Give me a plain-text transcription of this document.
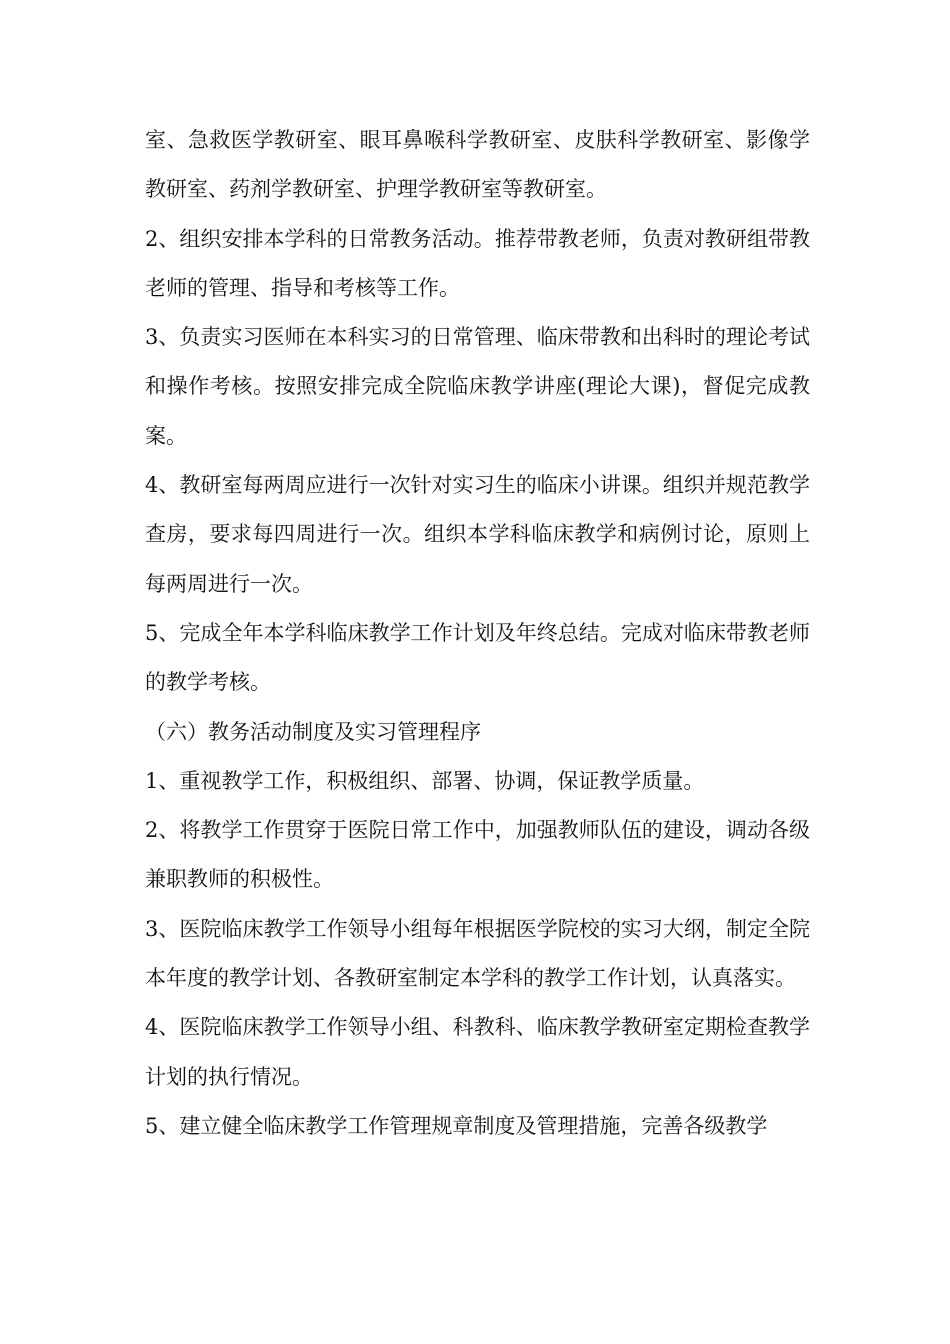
室、急救医学教研室、眼耳鼻喉科学教研室、皮肤科学教研室、影像学教研室、药剂学教研室、护理学教研室等教研室。

2、组织安排本学科的日常教务活动。推荐带教老师，负责对教研组带教老师的管理、指导和考核等工作。

3、负责实习医师在本科实习的日常管理、临床带教和出科时的理论考试和操作考核。按照安排完成全院临床教学讲座(理论大课)，督促完成教案。

4、教研室每两周应进行一次针对实习生的临床小讲课。组织并规范教学查房，要求每四周进行一次。组织本学科临床教学和病例讨论，原则上每两周进行一次。

5、完成全年本学科临床教学工作计划及年终总结。完成对临床带教老师的教学考核。

（六）教务活动制度及实习管理程序

1、重视教学工作，积极组织、部署、协调，保证教学质量。

2、将教学工作贯穿于医院日常工作中，加强教师队伍的建设，调动各级兼职教师的积极性。

3、医院临床教学工作领导小组每年根据医学院校的实习大纲，制定全院本年度的教学计划、各教研室制定本学科的教学工作计划，认真落实。

4、医院临床教学工作领导小组、科教科、临床教学教研室定期检查教学计划的执行情况。

5、建立健全临床教学工作管理规章制度及管理措施，完善各级教学
